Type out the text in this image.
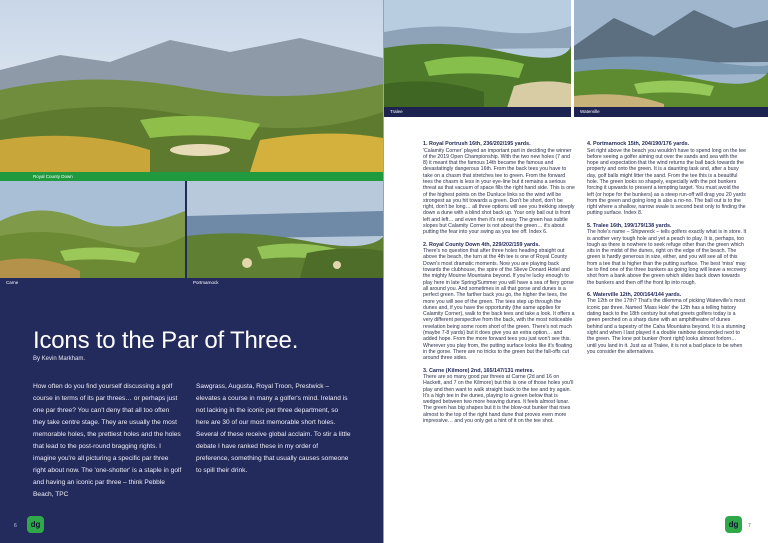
Royal County Down
Carne	Portmarnock
Icons to the Par of Three.

By Kevin Markham.

How often do you find yourself discussing a golf course in terms of its par threes… or perhaps just one par three? You can't deny that all too often they take centre stage. They are usually the most memorable holes, the prettiest holes and the holes that lead to the post-round bragging rights. I imagine you're all picturing a specific par three right about now. The 'one-shotter' is a staple in golf and having an iconic par three – think Pebble Beach, TPC

Sawgrass, Augusta, Royal Troon, Prestwick – elevates a course in many a golfer's mind. Ireland is not lacking in the iconic par three department, so here are 30 of our most memorable short holes. Several of these receive global acclaim. To stir a little debate I have ranked these in my order of preference, something that usually causes someone to spill their drink.

6	dg
Tralee	Waterville
1. Royal Portrush 16th, 236/202/195 yards.

'Calamity Corner' played an important part in deciding the winner of the 2019 Open Championship. With the two new holes (7 and 8) it meant that the famous 14th became the famous and devastatingly dangerous 16th. From the back tees you have to take on a chasm that stretches tee to green. From the forward tees the chasm is less in your eye-line but it remains a serious threat as that vacuum of space fills the right hand side. This is one of the highest points on the Dunluce links so the wind will be strongest as you hit towards a green. Don't be short, don't be right, don't be long… all three options will see you trekking steeply down a dune with a blind shot back up. Your only bail out is front left and left… and even then it's not easy. The green has subtle slopes but Calamity Corner is not about the green… it's about putting the fear into your swing as you tee off. Index 6.

2. Royal County Down 4th, 229/202/159 yards.

There's no question that after three holes heading straight out above the beach, the turn at the 4th tee is one of Royal County Down's most dramatic moments. Now you are playing back towards the clubhouse, the spire of the Slieve Donard Hotel and the mighty Mourne Mountains beyond. If you're lucky enough to play here in late Spring/Summer you will have a sea of fiery gorse all around you. And sometimes in all that gorse and dunes is a perfect green. The farther back you go, the higher the tees, the more you will see of the green. The tees step up through the dunes and, if you have the opportunity (the same applies for Calamity Corner), walk to the back tees and take a look. It offers a very different perspective from the back, with the most noticeable revelation being some room short of the green. There's not much (maybe 7-8 yards) but it does give you an extra option… and added hope. From the more forward tees you just won't see this. Wherever you play from, the putting surface looks like it's floating in the gorse. There are no tricks to the green but the fall-offs cut around three sides.

3. Carne (Kilmore) 2nd, 165/147/131 metres.

There are so many good par threes at Carne (2d and 16 on Hackett, and 7 on the Kilmore) but this is one of those holes you'll play and then want to walk straight back to the tee and try again. It's a high tee in the dunes, playing to a green below that is wedged between two more heaving dunes. It feels almost lunar. The green has big shapes but it is the blow-out bunker that rises almost to the top of the right hand dune that proves even more impressive… and you only get a hint of it on the tee shot.

4. Portmarnock 15th, 204/190/176 yards.

Set right above the beach you wouldn't have to spend long on the tee before seeing a golfer aiming out over the sands and sea with the hope and expectation that the wind returns the ball back towards the property and onto the green. It is a daunting task and, after a busy day, golf balls might litter the sand. From the tee this is a beautiful hole. The green looks so shapely, especially with the pot bunkers forcing it upwards to present a tempting target. You must avoid the left (or hope for the bunkers) as a steep run-off will drag you 20 yards from the green and going long is also a no-no. The ball out is to the right where a shallow, narrow swale is second best only to finding the putting surface. Index 8.

5. Tralee 16th, 199/179/138 yards.

The hole's name – Shipwreck – tells golfers exactly what is in store. It is another very tough hole and yet a peach to play. It is, perhaps, too tough as there is nowhere to seek refuge other than the green which sits in the midst of the dunes, right on the edge of the beach. The green is hardly generous in size, either, and you will see all of this from a tee that is higher than the putting surface. The best 'miss' may be to find one of the three bunkers as going long will leave a recovery shot from a bank above the green which slides back down towards the bunkers and then off the front lip into rough.

6. Waterville 12th, 200/164/144 yards.

The 12th or the 17th? That's the dilemma of picking Waterville's most iconic par three. Named 'Mass Hole' the 12th has a telling history dating back to the 18th century but what greets golfers today is a green perched on a sharp dune with an amphitheatre of dunes behind and a tapestry of the Caha Mountains beyond. It is a stunning sight and when I last played it a double rainbow descended next to the green. The lone pot bunker (front right) looks almost forlorn… until you land in it. Just as at Tralee, it is not a bad place to be when you consider the alternatives.

dg	7
